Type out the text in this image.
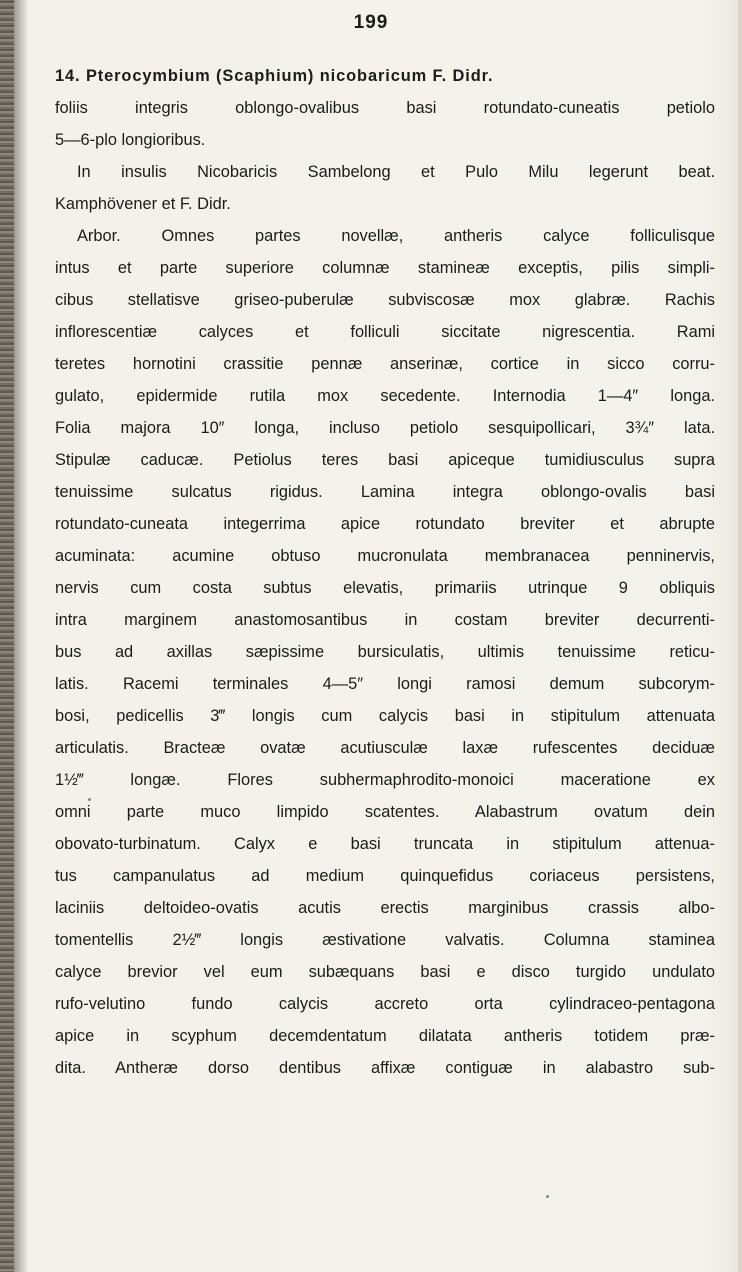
199
14. Pterocymbium (Scaphium) nicobaricum F. Didr.
foliis integris oblongo-ovalibus basi rotundato-cuneatis petiolo
5—6-plo longioribus.
In insulis Nicobaricis Sambelong et Pulo Milu legerunt beat.
Kamphövener et F. Didr.
Arbor. Omnes partes novellæ, antheris calyce folliculisque
intus et parte superiore columnæ stamineæ exceptis, pilis simpli-
cibus stellatisve griseo-puberulæ subviscosæ mox glabræ. Rachis
inflorescentiæ calyces et folliculi siccitate nigrescentia. Rami
teretes hornotini crassitie pennæ anserinæ, cortice in sicco corru-
gulato, epidermide rutila mox secedente. Internodia 1—4″ longa.
Folia majora 10″ longa, incluso petiolo sesquipollicari, 3¾″ lata.
Stipulæ caducæ. Petiolus teres basi apiceque tumidiusculus supra
tenuissime sulcatus rigidus. Lamina integra oblongo-ovalis basi
rotundato-cuneata integerrima apice rotundato breviter et abrupte
acuminata: acumine obtuso mucronulata membranacea penninervis,
nervis cum costa subtus elevatis, primariis utrinque 9 obliquis
intra marginem anastomosantibus in costam breviter decurrenti-
bus ad axillas sæpissime bursiculatis, ultimis tenuissime reticu-
latis. Racemi terminales 4—5″ longi ramosi demum subcorym-
bosi, pedicellis 3‴ longis cum calycis basi in stipitulum attenuata
articulatis. Bracteæ ovatæ acutiusculæ laxæ rufescentes deciduæ
1½‴ longæ. Flores subhermaphrodito-monoici maceratione ex
omni parte muco limpido scatentes. Alabastrum ovatum dein
obovato-turbinatum. Calyx e basi truncata in stipitulum attenua-
tus campanulatus ad medium quinquefidus coriaceus persistens,
laciniis deltoideo-ovatis acutis erectis marginibus crassis albo-
tomentellis 2½‴ longis æstivatione valvatis. Columna staminea
calyce brevior vel eum subæquans basi e disco turgido undulato
rufo-velutino fundo calycis accreto orta cylindraceo-pentagona
apice in scyphum decemdentatum dilatata antheris totidem præ-
dita. Antheræ dorso dentibus affixæ contiguæ in alabastro sub-
